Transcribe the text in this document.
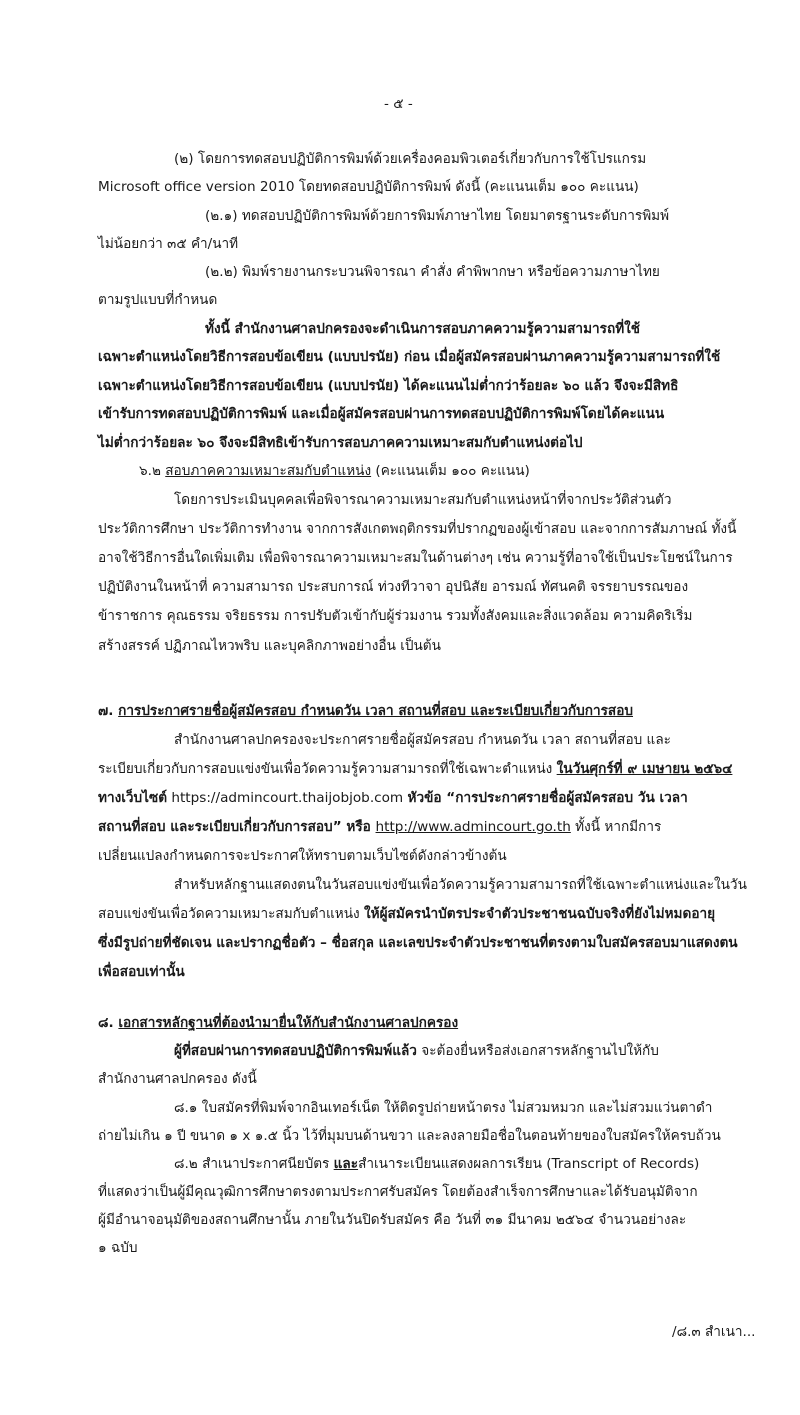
- ๕ -
(๒) โดยการทดสอบปฏิบัติการพิมพ์ด้วยเครื่องคอมพิวเตอร์เกี่ยวกับการใช้โปรแกรม
Microsoft office version 2010 โดยทดสอบปฏิบัติการพิมพ์ ดังนี้ (คะแนนเต็ม ๑๐๐ คะแนน)
(๒.๑) ทดสอบปฏิบัติการพิมพ์ด้วยการพิมพ์ภาษาไทย โดยมาตรฐานระดับการพิมพ์
ไม่น้อยกว่า ๓๕ คำ/นาที
(๒.๒) พิมพ์รายงานกระบวนพิจารณา คำสั่ง คำพิพากษา หรือข้อความภาษาไทย
ตามรูปแบบที่กำหนด
ทั้งนี้ สำนักงานศาลปกครองจะดำเนินการสอบภาคความรู้ความสามารถที่ใช้
เฉพาะตำแหน่งโดยวิธีการสอบข้อเขียน (แบบปรนัย) ก่อน เมื่อผู้สมัครสอบผ่านภาคความรู้ความสามารถที่ใช้
เฉพาะตำแหน่งโดยวิธีการสอบข้อเขียน (แบบปรนัย) ได้คะแนนไม่ต่ำกว่าร้อยละ ๖๐ แล้ว จึงจะมีสิทธิ
เข้ารับการทดสอบปฏิบัติการพิมพ์ และเมื่อผู้สมัครสอบผ่านการทดสอบปฏิบัติการพิมพ์โดยได้คะแนน
ไม่ต่ำกว่าร้อยละ ๖๐ จึงจะมีสิทธิเข้ารับการสอบภาคความเหมาะสมกับตำแหน่งต่อไป
๖.๒ สอบภาคความเหมาะสมกับตำแหน่ง (คะแนนเต็ม ๑๐๐ คะแนน)
โดยการประเมินบุคคลเพื่อพิจารณาความเหมาะสมกับตำแหน่งหน้าที่จากประวัติส่วนตัว
ประวัติการศึกษา ประวัติการทำงาน จากการสังเกตพฤติกรรมที่ปรากฏของผู้เข้าสอบ และจากการสัมภาษณ์ ทั้งนี้
อาจใช้วิธีการอื่นใดเพิ่มเติม เพื่อพิจารณาความเหมาะสมในด้านต่างๆ เช่น ความรู้ที่อาจใช้เป็นประโยชน์ในการ
ปฏิบัติงานในหน้าที่ ความสามารถ ประสบการณ์ ท่วงทีวาจา อุปนิสัย อารมณ์ ทัศนคติ จรรยาบรรณของ
ข้าราชการ คุณธรรม จริยธรรม การปรับตัวเข้ากับผู้ร่วมงาน รวมทั้งสังคมและสิ่งแวดล้อม ความคิดริเริ่ม
สร้างสรรค์ ปฏิภาณไหวพริบ และบุคลิกภาพอย่างอื่น เป็นต้น
๗. การประกาศรายชื่อผู้สมัครสอบ กำหนดวัน เวลา สถานที่สอบ และระเบียบเกี่ยวกับการสอบ
สำนักงานศาลปกครองจะประกาศรายชื่อผู้สมัครสอบ กำหนดวัน เวลา สถานที่สอบ และ
ระเบียบเกี่ยวกับการสอบแข่งขันเพื่อวัดความรู้ความสามารถที่ใช้เฉพาะตำแหน่ง ในวันศุกร์ที่ ๙ เมษายน ๒๕๖๔
ทางเว็บไซต์ https://admincourt.thaijobjob.com หัวข้อ “การประกาศรายชื่อผู้สมัครสอบ วัน เวลา
สถานที่สอบ และระเบียบเกี่ยวกับการสอบ” หรือ http://www.admincourt.go.th ทั้งนี้ หากมีการ
เปลี่ยนแปลงกำหนดการจะประกาศให้ทราบตามเว็บไซต์ดังกล่าวข้างต้น
สำหรับหลักฐานแสดงตนในวันสอบแข่งขันเพื่อวัดความรู้ความสามารถที่ใช้เฉพาะตำแหน่งและในวัน
สอบแข่งขันเพื่อวัดความเหมาะสมกับตำแหน่ง ให้ผู้สมัครนำบัตรประจำตัวประชาชนฉบับจริงที่ยังไม่หมดอายุ
ซึ่งมีรูปถ่ายที่ชัดเจน และปรากฏชื่อตัว – ชื่อสกุล และเลขประจำตัวประชาชนที่ตรงตามใบสมัครสอบมาแสดงตน
เพื่อสอบเท่านั้น
๘. เอกสารหลักฐานที่ต้องนำมายื่นให้กับสำนักงานศาลปกครอง
ผู้ที่สอบผ่านการทดสอบปฏิบัติการพิมพ์แล้ว จะต้องยื่นหรือส่งเอกสารหลักฐานไปให้กับ
สำนักงานศาลปกครอง ดังนี้
๘.๑ ใบสมัครที่พิมพ์จากอินเทอร์เน็ต ให้ติดรูปถ่ายหน้าตรง ไม่สวมหมวก และไม่สวมแว่นตาดำ
ถ่ายไม่เกิน ๑ ปี ขนาด ๑ x ๑.๕ นิ้ว ไว้ที่มุมบนด้านขวา และลงลายมือชื่อในตอนท้ายของใบสมัครให้ครบถ้วน
๘.๒ สำเนาประกาศนียบัตร และสำเนาระเบียนแสดงผลการเรียน (Transcript of Records)
ที่แสดงว่าเป็นผู้มีคุณวุฒิการศึกษาตรงตามประกาศรับสมัคร โดยต้องสำเร็จการศึกษาและได้รับอนุมัติจาก
ผู้มีอำนาจอนุมัติของสถานศึกษานั้น ภายในวันปิดรับสมัคร คือ วันที่ ๓๑ มีนาคม ๒๕๖๔ จำนวนอย่างละ
๑ ฉบับ
/๘.๓ สำเนา...
